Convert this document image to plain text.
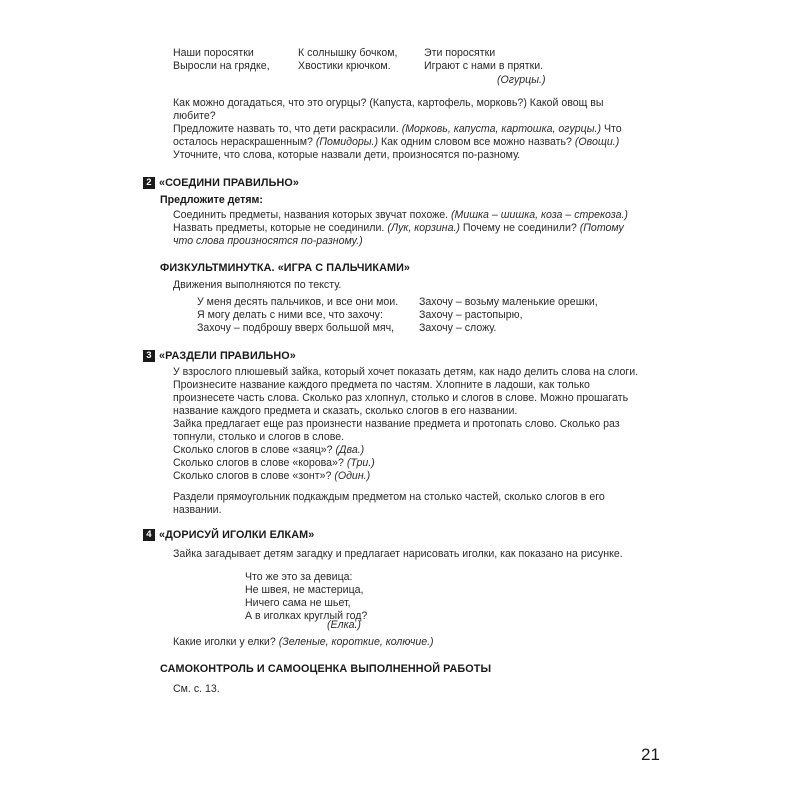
Наши поросятки
Выросли на грядке,
К солнышку бочком,
Хвостики крючком.
Эти поросятки
Играют с нами в прятки.
(Огурцы.)
Как можно догадаться, что это огурцы? (Капуста, картофель, морковь?) Какой овощ вы любите?
Предложите назвать то, что дети раскрасили. (Морковь, капуста, картошка, огурцы.) Что осталось нераскрашенным? (Помидоры.) Как одним словом все можно назвать? (Овощи.)
Уточните, что слова, которые назвали дети, произносятся по-разному.
2 «СОЕДИНИ ПРАВИЛЬНО»
Предложите детям:
Соединить предметы, названия которых звучат похоже. (Мишка – шишка, коза – стрекоза.)
Назвать предметы, которые не соединили. (Лук, корзина.) Почему не соединили? (Потому что слова произносятся по-разному.)
ФИЗКУЛЬТМИНУТКА. «ИГРА С ПАЛЬЧИКАМИ»
Движения выполняются по тексту.
У меня десять пальчиков, и все они мои.
Я могу делать с ними все, что захочу:
Захочу – подброшу вверх большой мяч,
Захочу – возьму маленькие орешки,
Захочу – растопырю,
Захочу – сложу.
3 «РАЗДЕЛИ ПРАВИЛЬНО»
У взрослого плюшевый зайка, который хочет показать детям, как надо делить слова на слоги. Произнесите название каждого предмета по частям. Хлопните в ладоши, как только произнесете часть слова. Сколько раз хлопнул, столько и слогов в слове. Можно прошагать название каждого предмета и сказать, сколько слогов в его названии.
Зайка предлагает еще раз произнести название предмета и протопать слово. Сколько раз топнули, столько и слогов в слове.
Сколько слогов в слове «заяц»? (Два.)
Сколько слогов в слове «корова»? (Три.)
Сколько слогов в слове «зонт»? (Один.)
Раздели прямоугольник подкаждым предметом на столько частей, сколько слогов в его названии.
4 «ДОРИСУЙ ИГОЛКИ ЕЛКАМ»
Зайка загадывает детям загадку и предлагает нарисовать иголки, как показано на рисунке.
Что же это за девица:
Не швея, не мастерица,
Ничего сама не шьет,
А в иголках круглый год?
(Елка.)
Какие иголки у елки? (Зеленые, короткие, колючие.)
САМОКОНТРОЛЬ И САМООЦЕНКА ВЫПОЛНЕННОЙ РАБОТЫ
См. с. 13.
21
